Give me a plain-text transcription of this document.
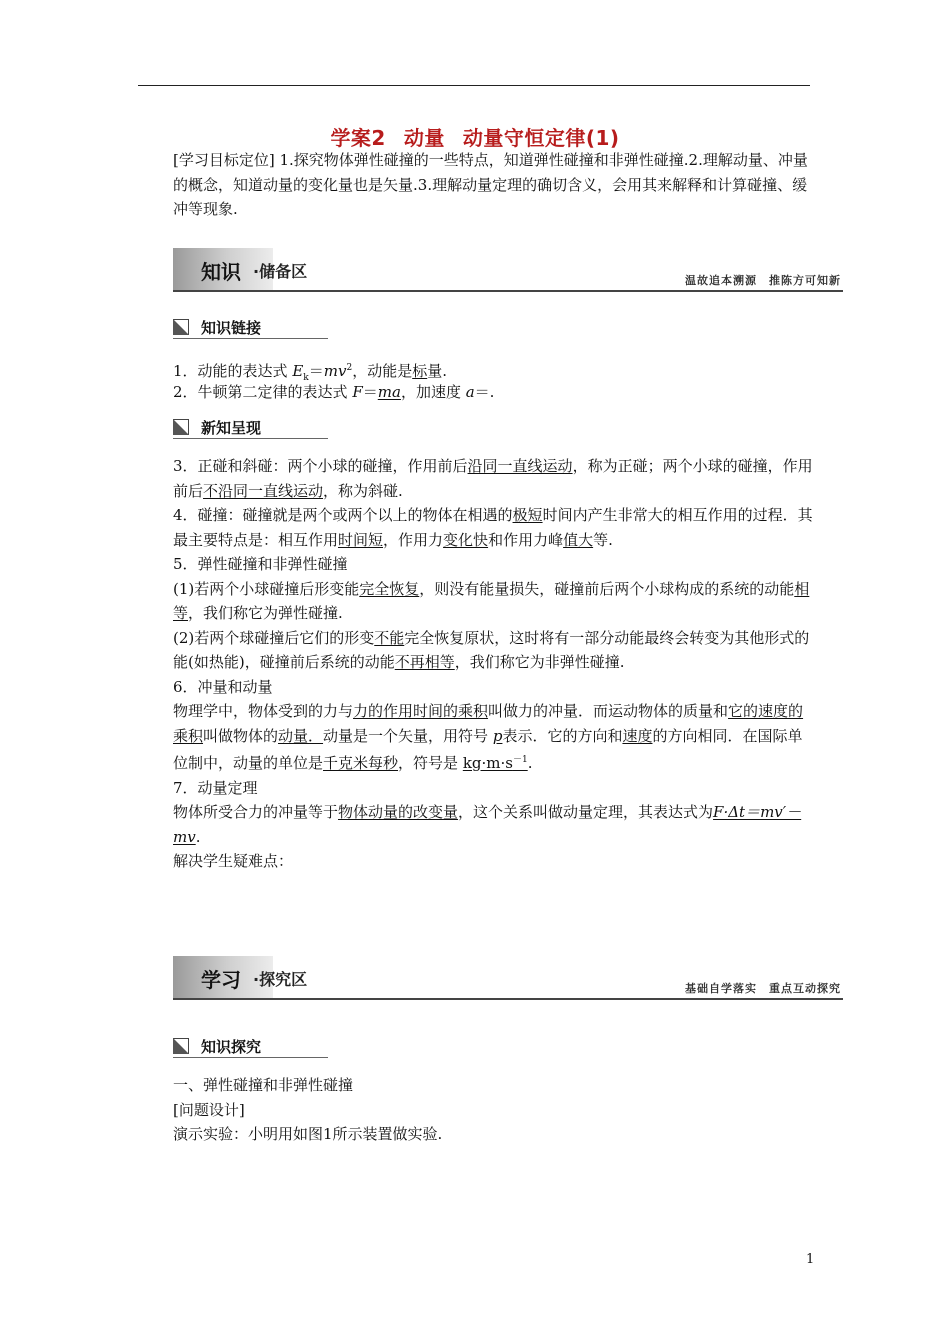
学案2 动量 动量守恒定律(1)
[学习目标定位] 1.探究物体弹性碰撞的一些特点，知道弹性碰撞和非弹性碰撞.2.理解动量、冲量的概念，知道动量的变化量也是矢量.3.理解动量定理的确切含义，会用其来解释和计算碰撞、缓冲等现象.
知识 ·储备区	温故追本溯源　推陈方可知新
知识链接
1．动能的表达式 $E_k=mv^2$，动能是标量.
2．牛顿第二定律的表达式 F＝ma，加速度 a＝.
新知呈现
3．正碰和斜碰：两个小球的碰撞，作用前后沿同一直线运动，称为正碰；两个小球的碰撞，作用前后不沿同一直线运动，称为斜碰.
4．碰撞：碰撞就是两个或两个以上的物体在相遇的极短时间内产生非常大的相互作用的过程．其最主要特点是：相互作用时间短，作用力变化快和作用力峰值大等.
5．弹性碰撞和非弹性碰撞
(1)若两个小球碰撞后形变能完全恢复，则没有能量损失，碰撞前后两个小球构成的系统的动能相等，我们称它为弹性碰撞.
(2)若两个球碰撞后它们的形变不能完全恢复原状，这时将有一部分动能最终会转变为其他形式的能(如热能)，碰撞前后系统的动能不再相等，我们称它为非弹性碰撞.
6．冲量和动量
物理学中，物体受到的力与力的作用时间的乘积叫做力的冲量．而运动物体的质量和它的速度的乘积叫做物体的动量．动量是一个矢量，用符号 p表示．它的方向和速度的方向相同．在国际单位制中，动量的单位是千克米每秒，符号是 $kg\cdot m\cdot s^{-1}$.
7．动量定理
物体所受合力的冲量等于物体动量的改变量，这个关系叫做动量定理，其表达式为F·Δt＝mv′－mv.
解决学生疑难点：
学习 ·探究区	基础自学落实　重点互动探究
知识探究
一、弹性碰撞和非弹性碰撞
[问题设计]
演示实验：小明用如图1所示装置做实验.
1
